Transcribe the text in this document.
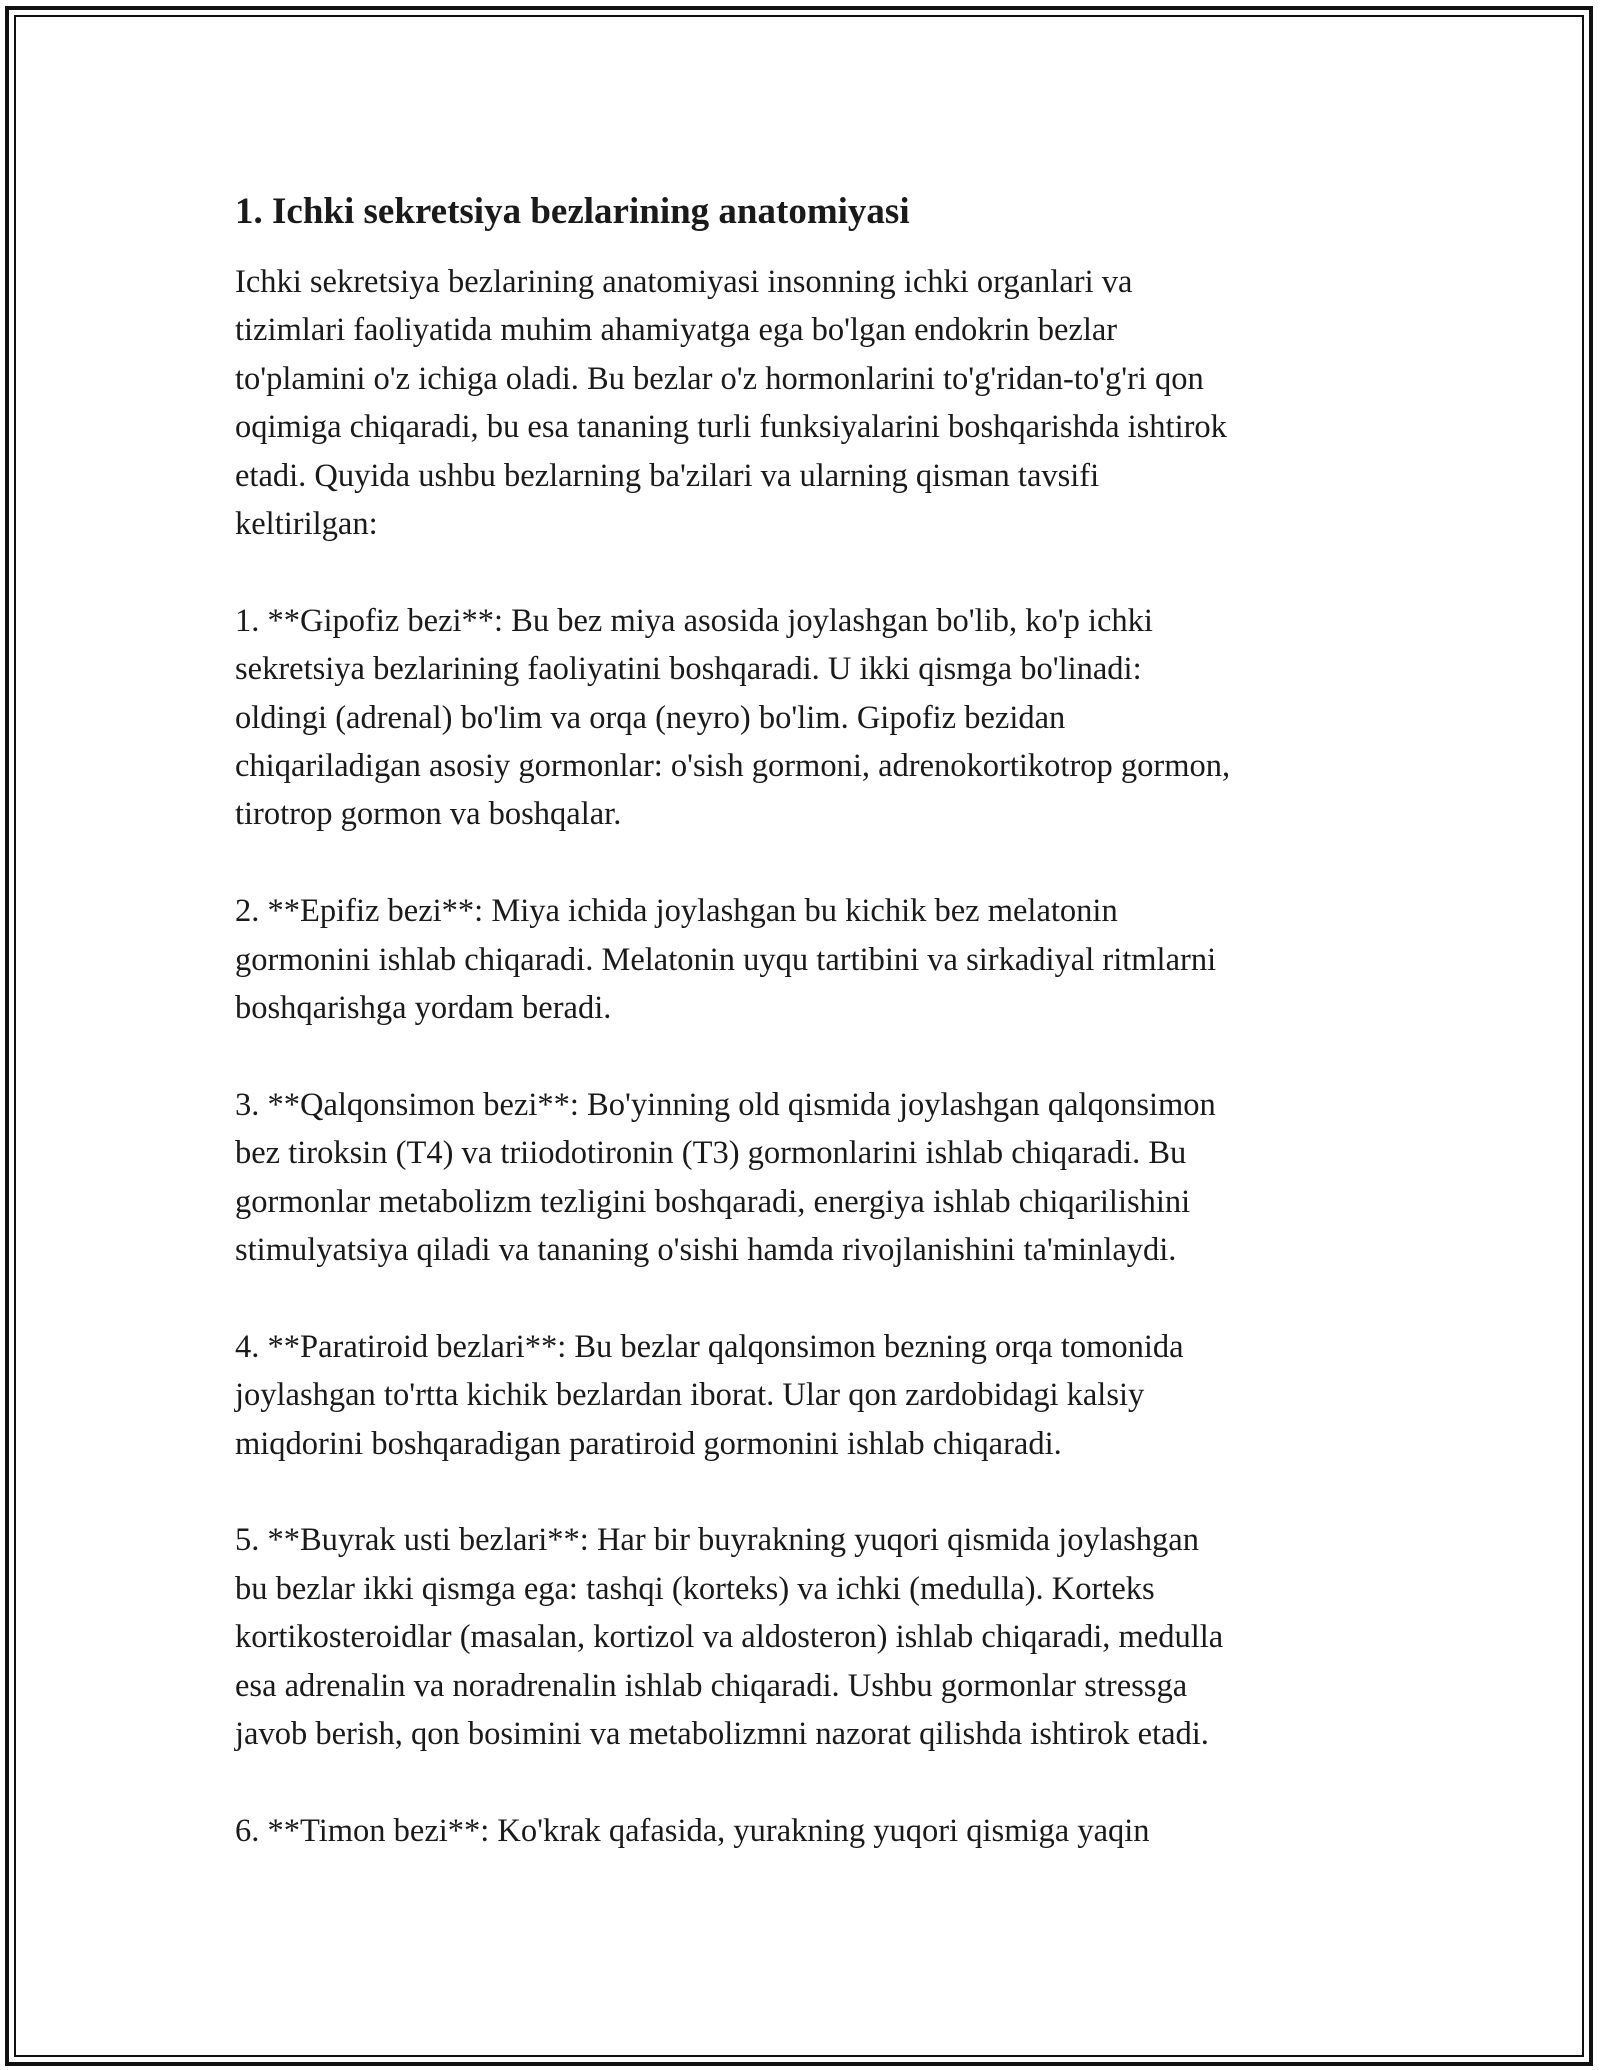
1. Ichki sekretsiya bezlarining anatomiyasi
Ichki sekretsiya bezlarining anatomiyasi insonning ichki organlari va
tizimlari faoliyatida muhim ahamiyatga ega bo'lgan endokrin bezlar
to'plamini o'z ichiga oladi. Bu bezlar o'z hormonlarini to'g'ridan-to'g'ri qon
oqimiga chiqaradi, bu esa tananing turli funksiyalarini boshqarishda ishtirok
etadi. Quyida ushbu bezlarning ba'zilari va ularning qisman tavsifi
keltirilgan:
1. **Gipofiz bezi**: Bu bez miya asosida joylashgan bo'lib, ko'p ichki
sekretsiya bezlarining faoliyatini boshqaradi. U ikki qismga bo'linadi:
oldingi (adrenal) bo'lim va orqa (neyro) bo'lim. Gipofiz bezidan
chiqariladigan asosiy gormonlar: o'sish gormoni, adrenokortikotrop gormon,
tirotrop gormon va boshqalar.
2. **Epifiz bezi**: Miya ichida joylashgan bu kichik bez melatonin
gormonini ishlab chiqaradi. Melatonin uyqu tartibini va sirkadiyal ritmlarni
boshqarishga yordam beradi.
3. **Qalqonsimon bezi**: Bo'yinning old qismida joylashgan qalqonsimon
bez tiroksin (T4) va triiodotironin (T3) gormonlarini ishlab chiqaradi. Bu
gormonlar metabolizm tezligini boshqaradi, energiya ishlab chiqarilishini
stimulyatsiya qiladi va tananing o'sishi hamda rivojlanishini ta'minlaydi.
4. **Paratiroid bezlari**: Bu bezlar qalqonsimon bezning orqa tomonida
joylashgan to'rtta kichik bezlardan iborat. Ular qon zardobidagi kalsiy
miqdorini boshqaradigan paratiroid gormonini ishlab chiqaradi.
5. **Buyrak usti bezlari**: Har bir buyrakning yuqori qismida joylashgan
bu bezlar ikki qismga ega: tashqi (korteks) va ichki (medulla). Korteks
kortikosteroidlar (masalan, kortizol va aldosteron) ishlab chiqaradi, medulla
esa adrenalin va noradrenalin ishlab chiqaradi. Ushbu gormonlar stressga
javob berish, qon bosimini va metabolizmni nazorat qilishda ishtirok etadi.
6. **Timon bezi**: Ko'krak qafasida, yurakning yuqori qismiga yaqin
